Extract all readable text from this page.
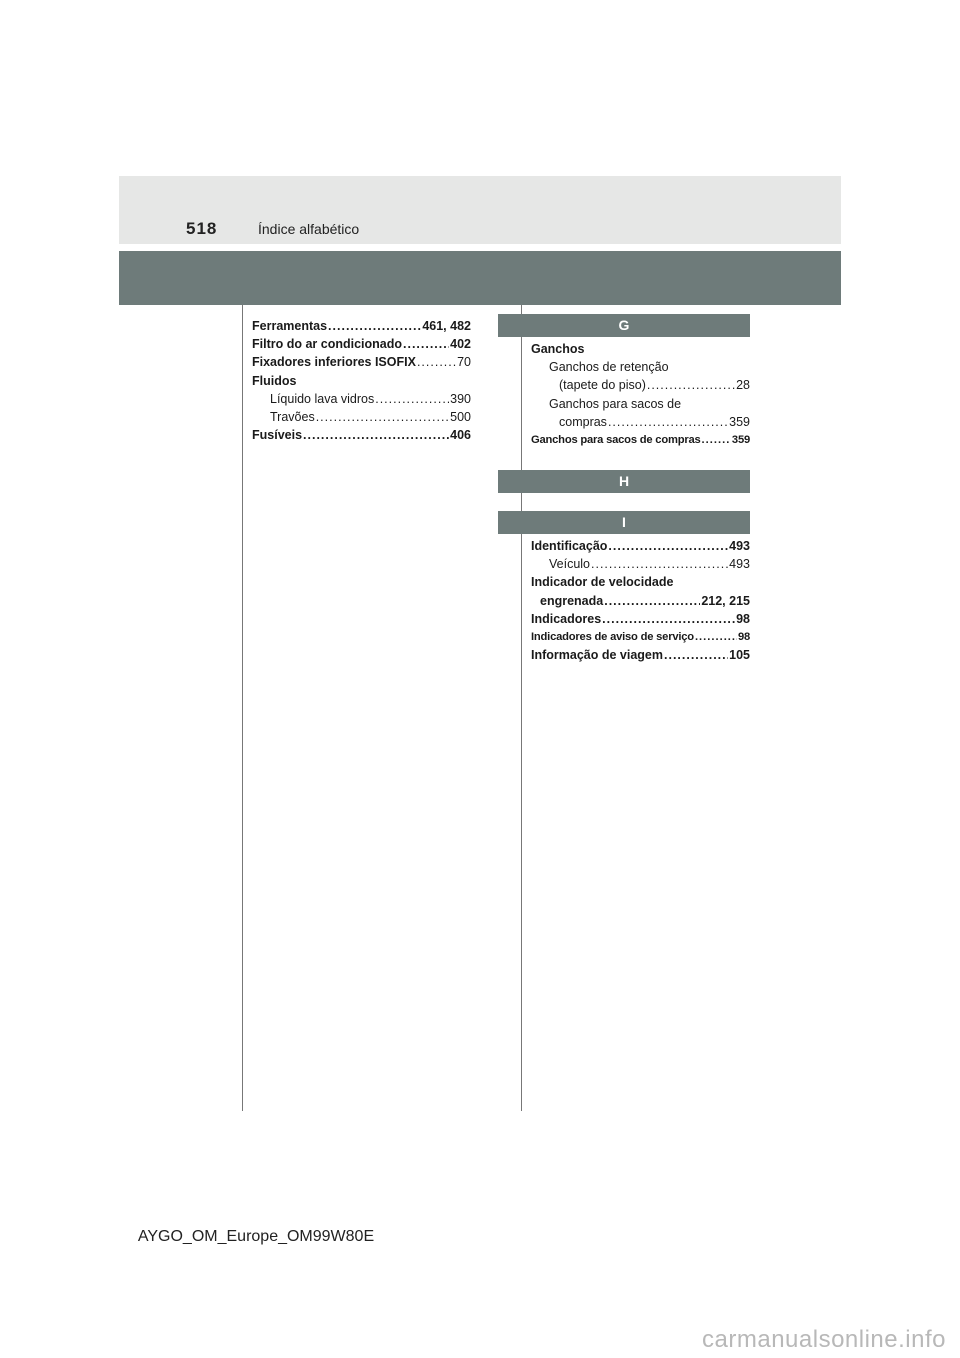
518	Índice alfabético
Ferramentas .....	461, 482
Filtro do ar condicionado .....	402
Fixadores inferiores ISOFIX .....	70
Fluidos
Líquido lava vidros .....	390
Travões .....	500
Fusíveis .....	406
G
Ganchos
Ganchos de retenção
(tapete do piso) .....	28
Ganchos para sacos de
compras .....	359
Ganchos para sacos de compras .....	359
H
I
Identificação .....	493
Veículo .....	493
Indicador de velocidade
engrenada .....	212, 215
Indicadores .....	98
Indicadores de aviso de serviço .....	98
Informação de viagem .....	105
AYGO_OM_Europe_OM99W80E
carmanualsonline.info
